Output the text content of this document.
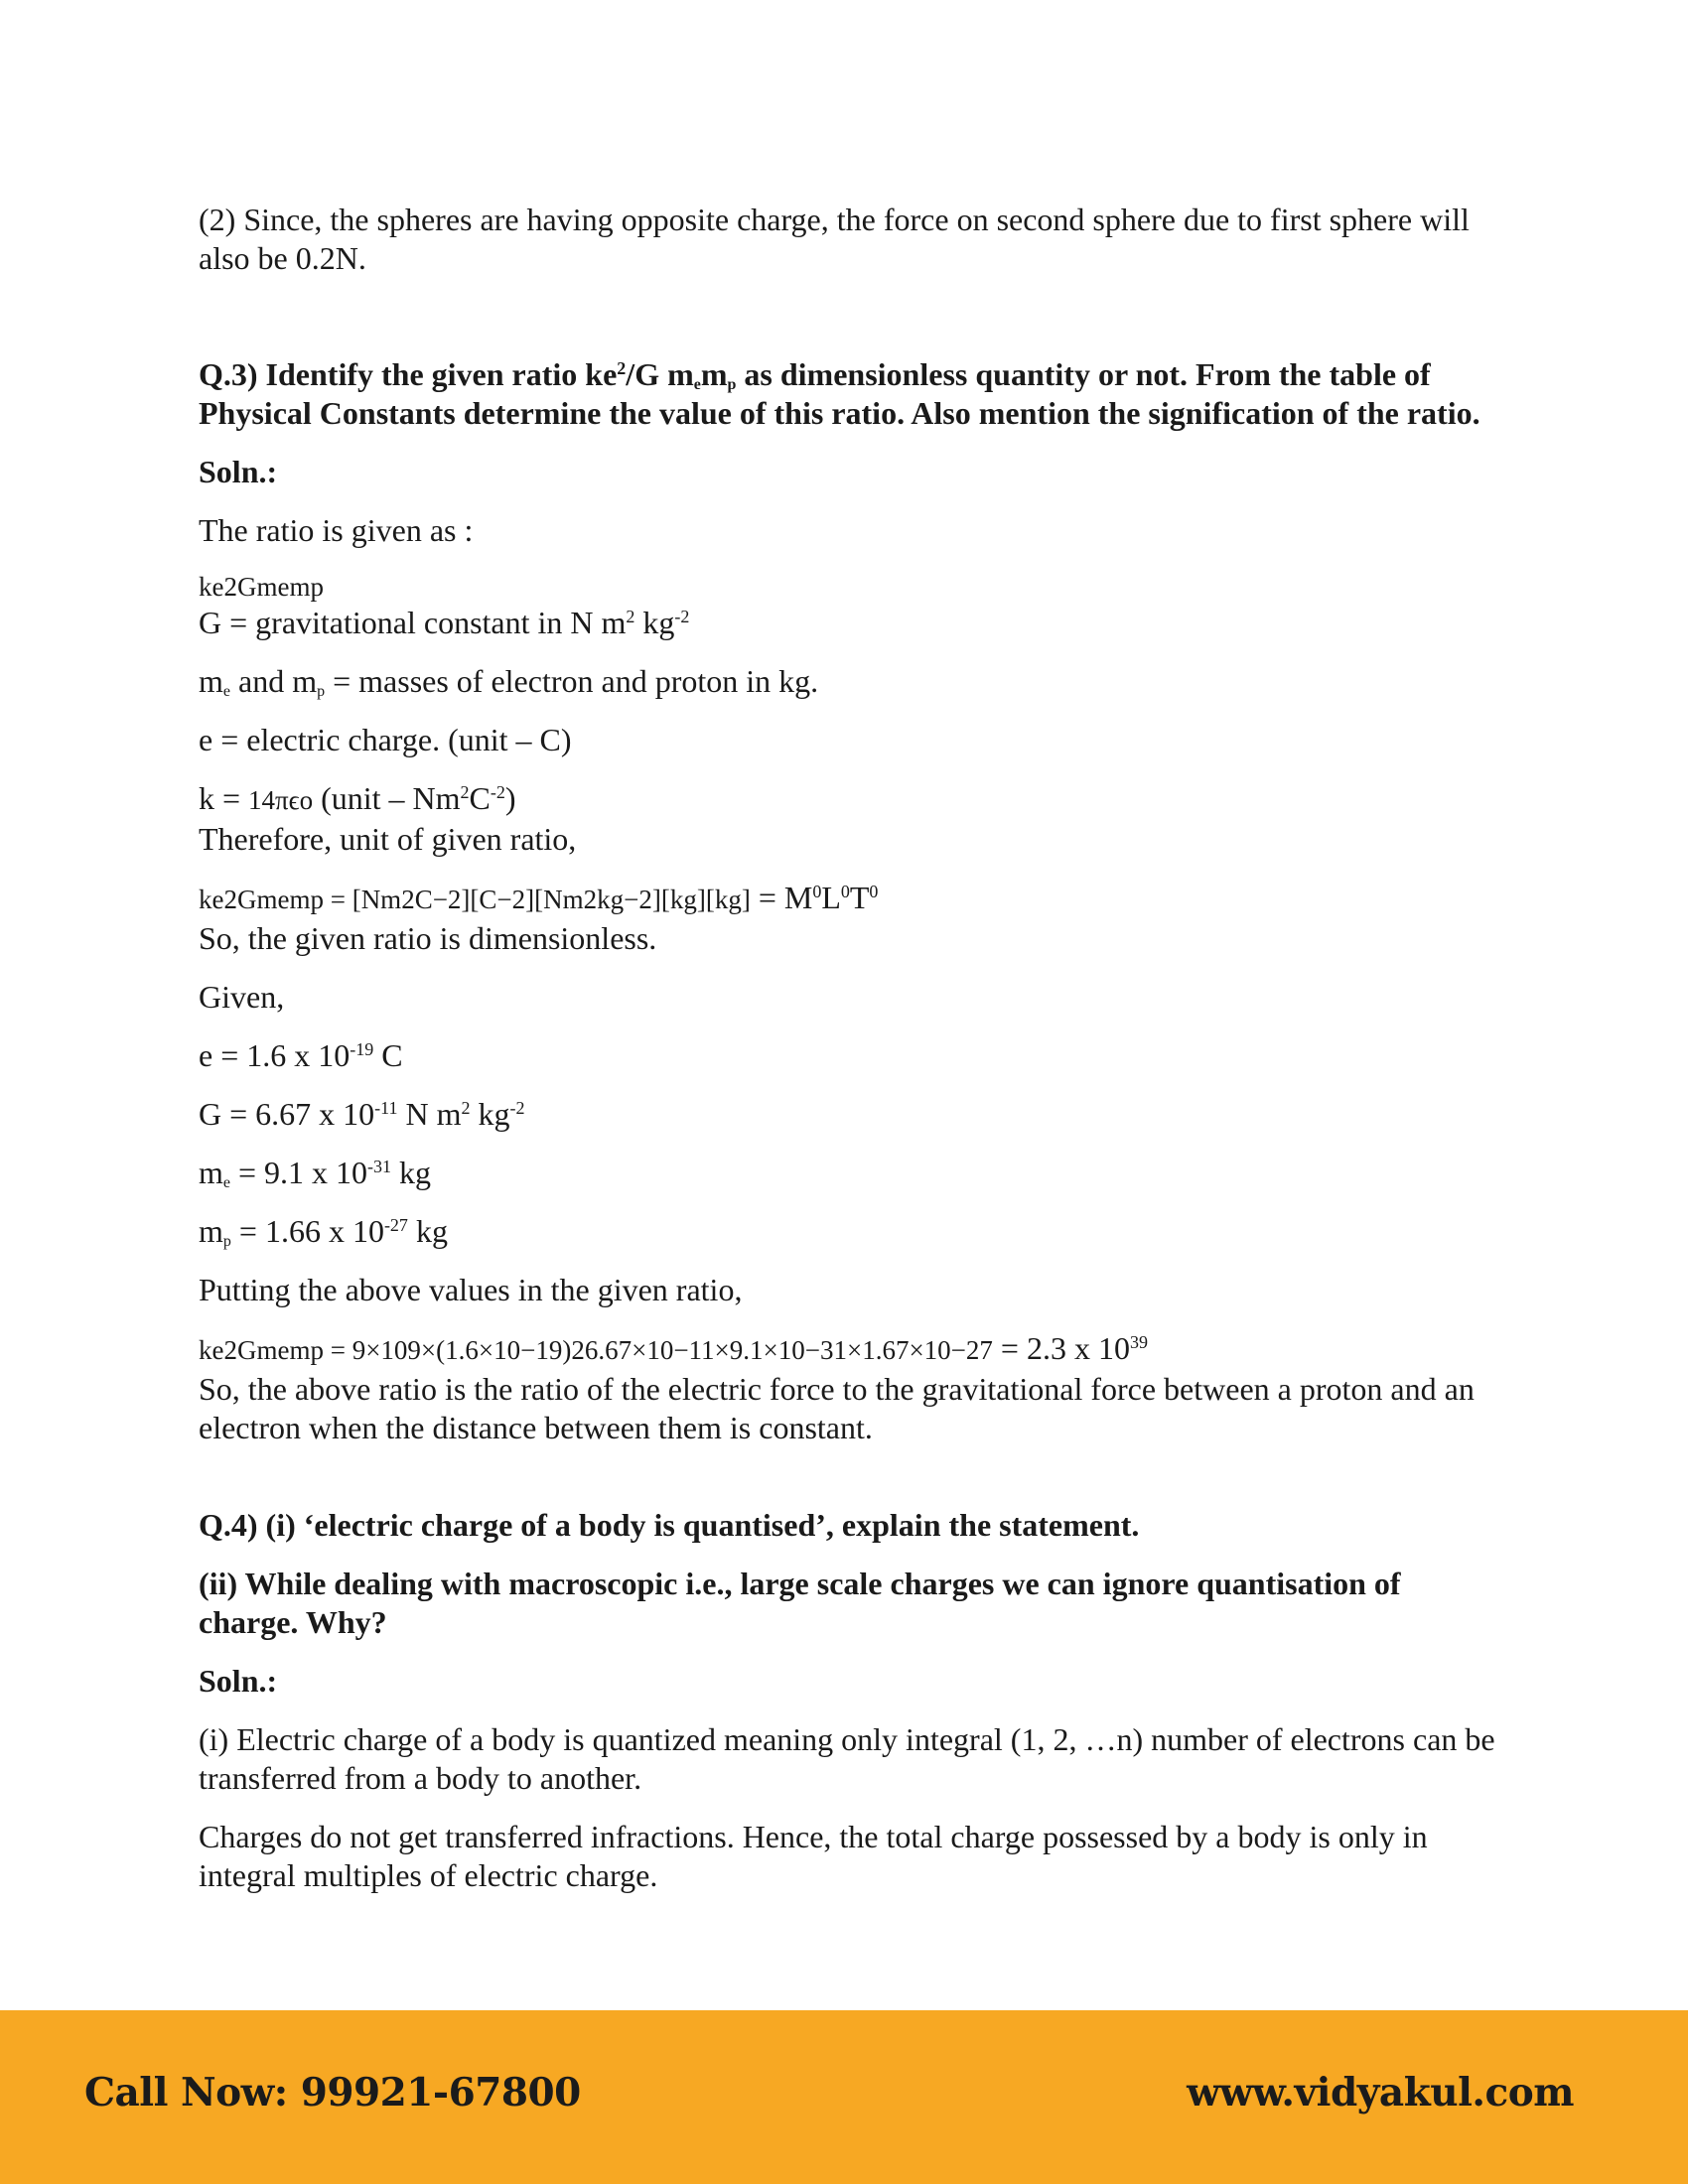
(2) Since, the spheres are having opposite charge, the force on second sphere due to first sphere will also be 0.2N.

Q.3) Identify the given ratio $ke^2/G$ $m_em_p$ as dimensionless quantity or not. From the table of Physical Constants determine the value of this ratio. Also mention the signification of the ratio.

Soln.:

The ratio is given as :

ke2Gmemp

G = gravitational constant in N $m^2$ $kg^{-2}$

$m_e$ and $m_p$ = masses of electron and proton in kg.

e = electric charge. (unit – C)

k = 14πϵo (unit – $Nm^2C^{-2}$)

Therefore, unit of given ratio,

ke2Gmemp = $[Nm2C-2][C-2][Nm2kg-2][kg][kg] = M^0L^0T^0$

So, the given ratio is dimensionless.

Given,

e = 1.6 x $10^{-19}$ C

G = 6.67 x $10^{-11}$ N $m^2$ $kg^{-2}$

$m_e = 9.1$ x $10^{-31}$ kg

$m_p = 1.66$ x $10^{-27}$ kg

Putting the above values in the given ratio,

ke2Gmemp = 9×109×(1.6×10−19)26.67×10−11×9.1×10−31×1.67×10−27 = 2.3 x $10^{39}$

So, the above ratio is the ratio of the electric force to the gravitational force between a proton and an electron when the distance between them is constant.

Q.4) (i) ‘electric charge of a body is quantised’, explain the statement.

(ii) While dealing with macroscopic i.e., large scale charges we can ignore quantisation of charge. Why?

Soln.:

(i) Electric charge of a body is quantized meaning only integral (1, 2, …n) number of electrons can be transferred from a body to another.

Charges do not get transferred infractions. Hence, the total charge possessed by a body is only in integral multiples of electric charge.

Call Now: 99921-67800	www.vidyakul.com
